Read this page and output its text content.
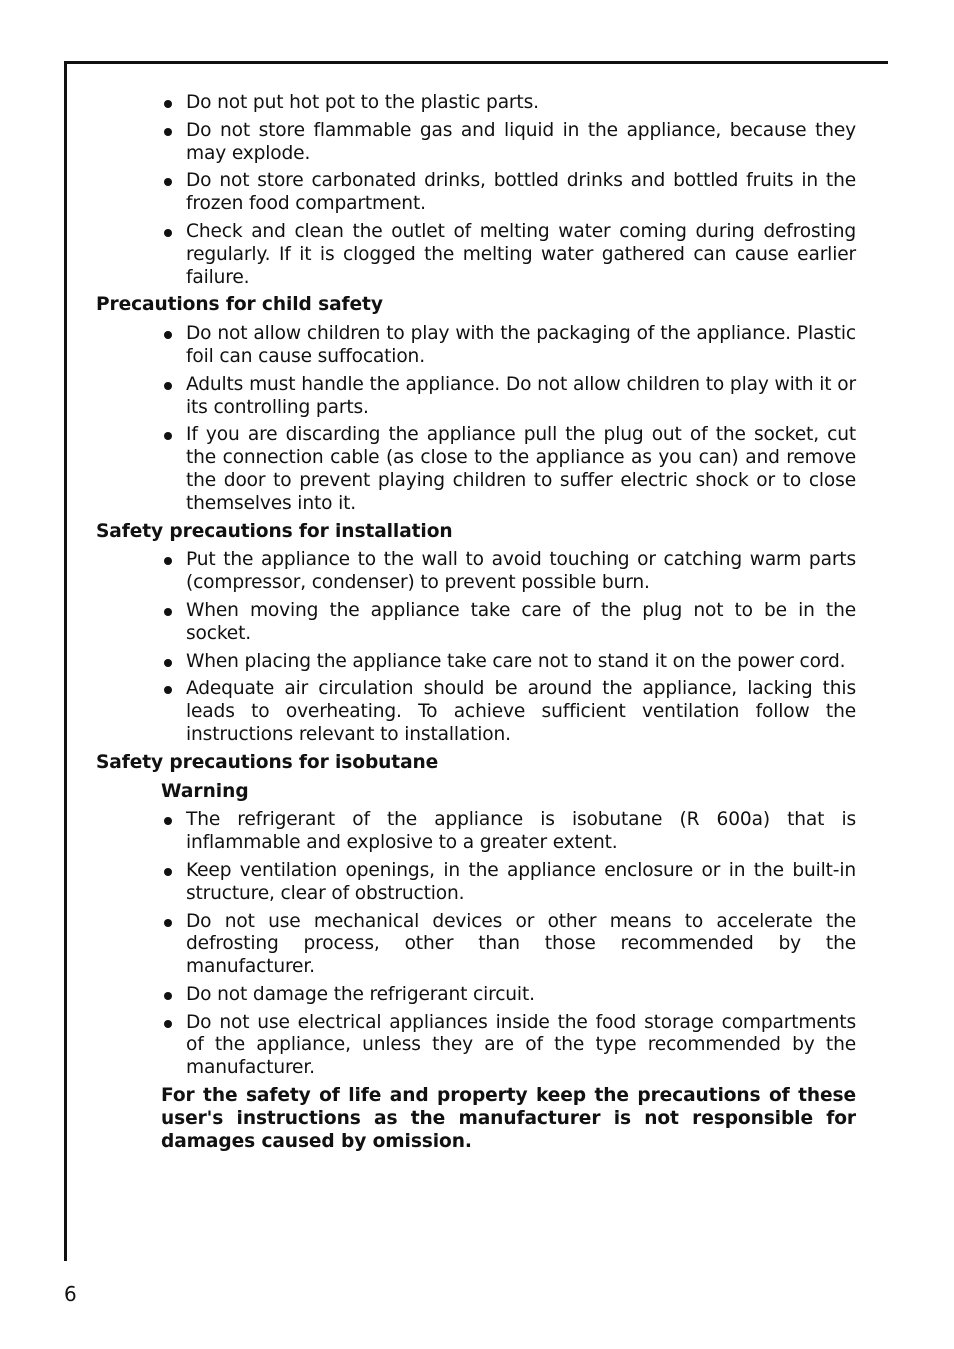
Do not put hot pot to the plastic parts.
Do not store flammable gas and liquid in the appliance, because they may explode.
Do not store carbonated drinks, bottled drinks and bottled fruits in the frozen food compartment.
Check and clean the outlet of melting water coming during defrosting regularly. If it is clogged the melting water gathered can cause earlier failure.
Precautions for child safety
Do not allow children to play with the packaging of the appliance. Plastic foil can cause suffocation.
Adults must handle the appliance. Do not allow children to play with it or its controlling parts.
If you are discarding the appliance pull the plug out of the socket, cut the connection cable (as close to the appliance as you can) and remove the door to prevent playing children to suffer electric shock or to close themselves into it.
Safety precautions for installation
Put the appliance to the wall to avoid touching or catching warm parts (compressor, condenser) to prevent possible burn.
When moving the appliance take care of the plug not to be in the socket.
When placing the appliance take care not to stand it on the power cord.
Adequate air circulation should be around the appliance, lacking this leads to overheating. To achieve sufficient ventilation follow the instructions relevant to installation.
Safety precautions for isobutane
Warning
The refrigerant of the appliance is isobutane (R 600a) that is inflammable and explosive to a greater extent.
Keep ventilation openings, in the appliance enclosure or in the built-in structure, clear of obstruction.
Do not use mechanical devices or other means to accelerate the defrosting process, other than those recommended by the manufacturer.
Do not damage the refrigerant circuit.
Do not use electrical appliances inside the food storage compartments of the appliance, unless they are of the type recommended by the manufacturer.
For the safety of life and property keep the precautions of these user's instructions as the manufacturer is not responsible for damages caused by omission.
6
